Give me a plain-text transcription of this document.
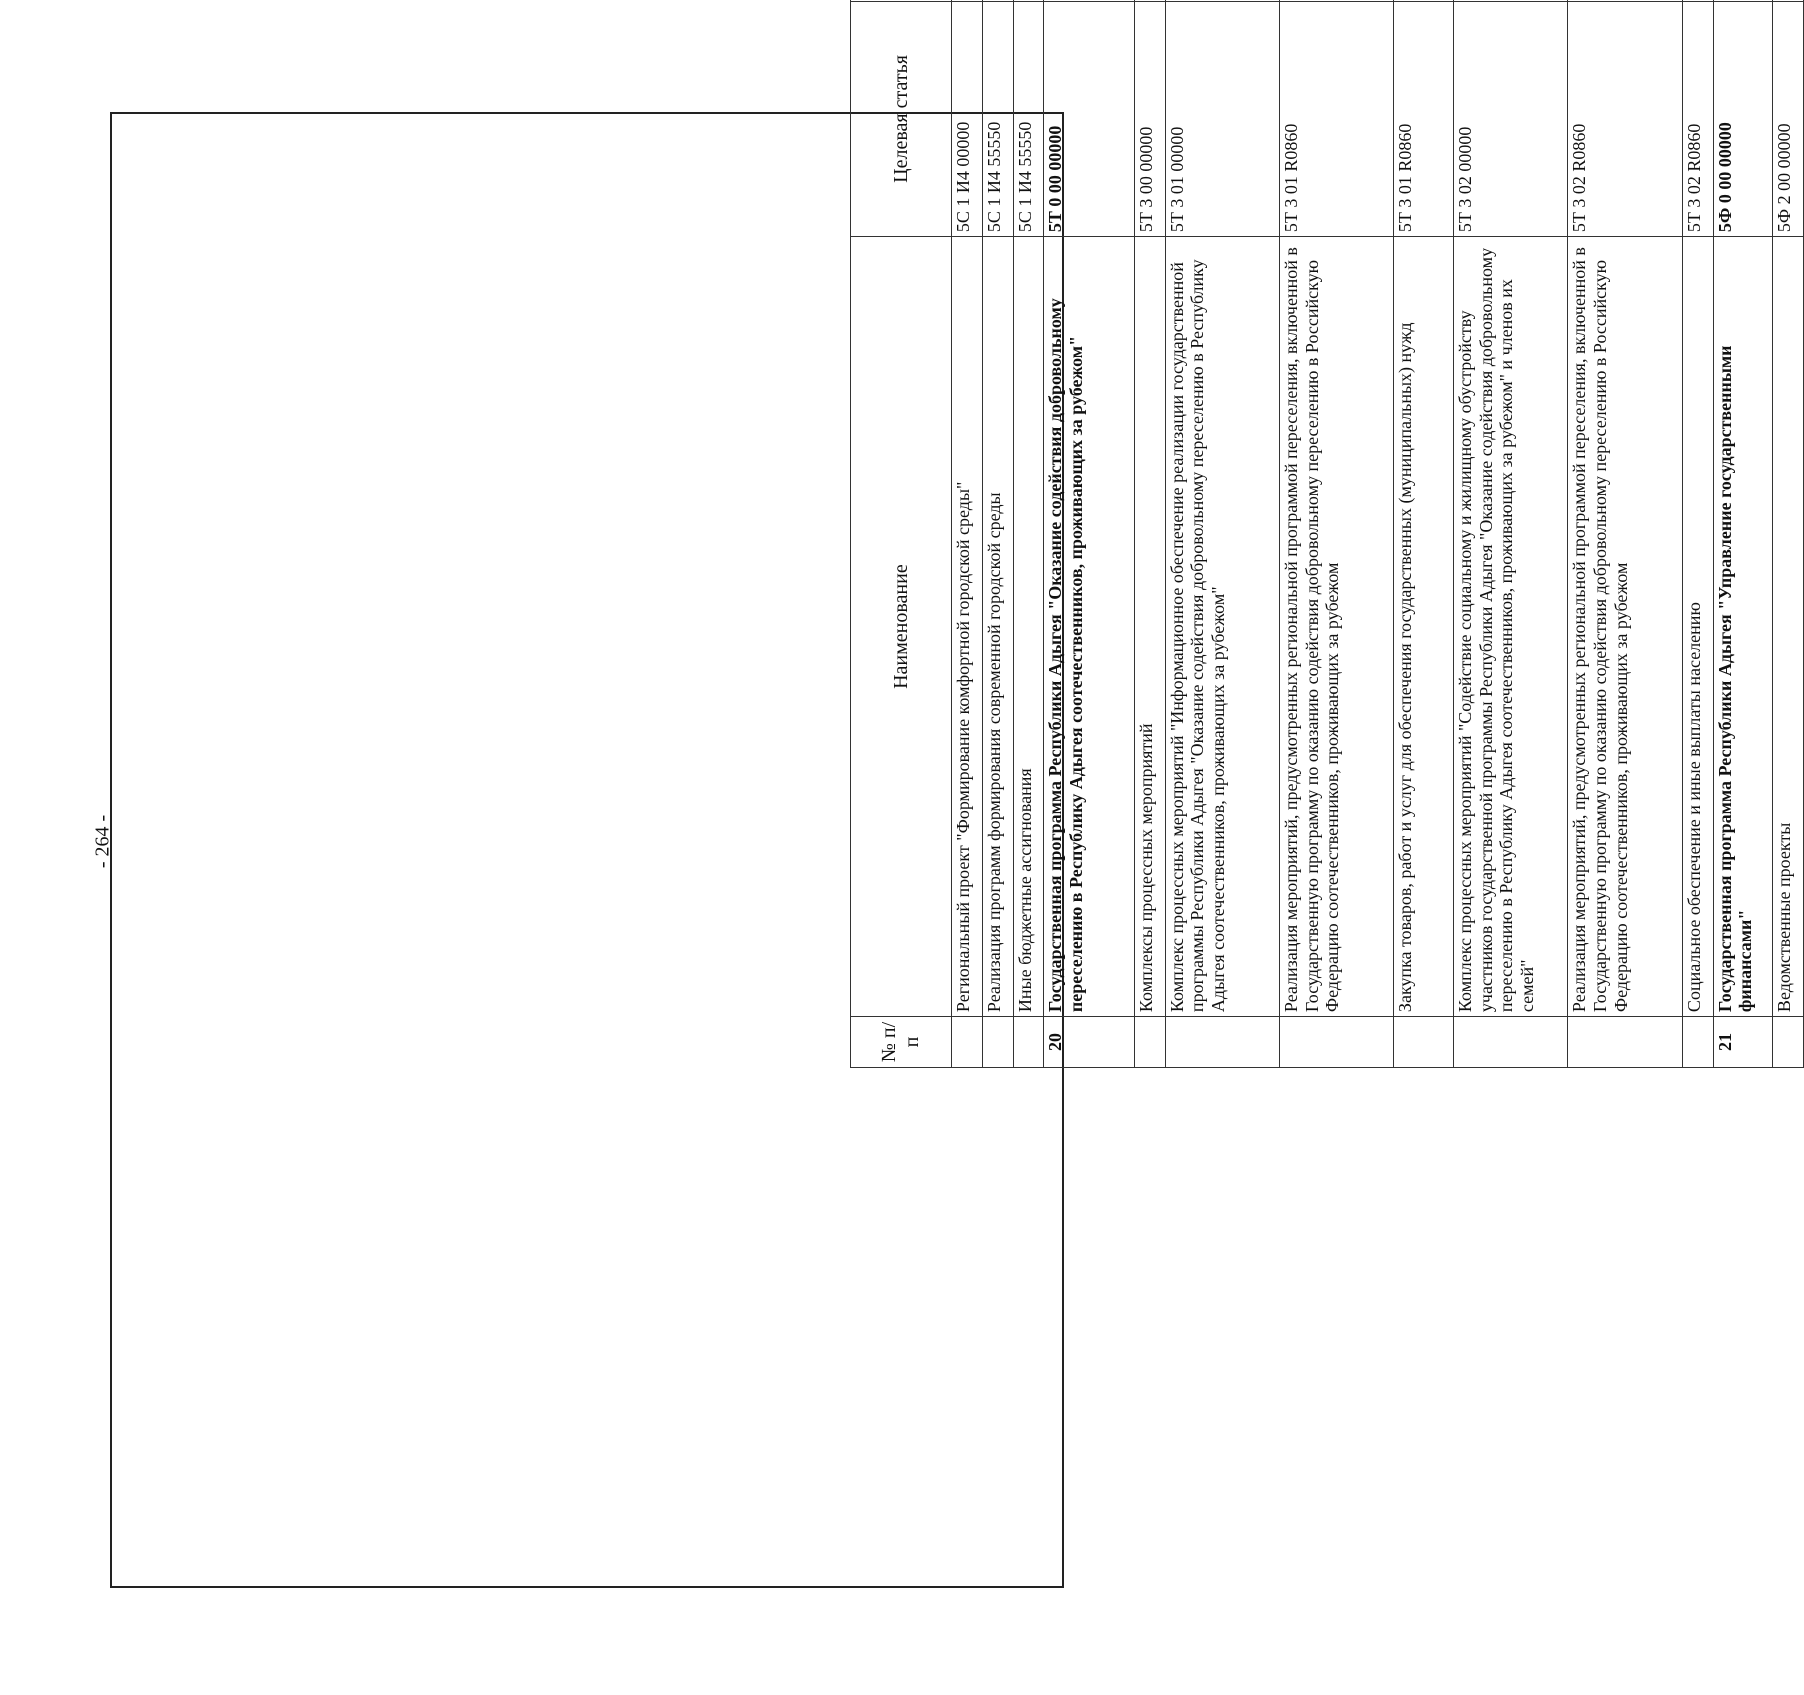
- 264 -
№ п/п	Наименование	Целевая статья			
	Региональный проект "Формирование комфортной городской среды"	5С 1 И4 00000			
	Реализация программ формирования современной городской среды	5С 1 И4 55550			
	Иные бюджетные ассигнования	5С 1 И4 55550			
20	Государственная программа Республики Адыгея "Оказание содействия добровольному переселению в Республику Адыгея соотечественников, проживающих за рубежом"	5Т 0 00 00000			
	Комплексы процессных мероприятий	5Т 3 00 00000			
	Комплекс процессных мероприятий "Информационное обеспечение реализации государственной программы Республики Адыгея "Оказание содействия добровольному переселению в Республику Адыгея соотечественников, проживающих за рубежом"	5Т 3 01 00000			
	Реализация мероприятий, предусмотренных региональной программой переселения, включенной в Государственную программу по оказанию содействия добровольному переселению в Российскую Федерацию соотечественников, проживающих за рубежом	5Т 3 01 R0860			
	Закупка товаров, работ и услуг для обеспечения государственных (муниципальных) нужд	5Т 3 01 R0860			
	Комплекс процессных мероприятий "Содействие социальному и жилищному обустройству участников государственной программы Республики Адыгея "Оказание содействия добровольному переселению в Республику Адыгея соотечественников, проживающих за рубежом" и членов их семей"	5Т 3 02 00000			
	Реализация мероприятий, предусмотренных региональной программой переселения, включенной в Государственную программу по оказанию содействия добровольному переселению в Российскую Федерацию соотечественников, проживающих за рубежом	5Т 3 02 R0860			
	Социальное обеспечение и иные выплаты населению	5Т 3 02 R0860			
21	Государственная программа Республики Адыгея "Управление государственными финансами"	5Ф 0 00 00000			
	Ведомственные проекты	5Ф 2 00 00000			
